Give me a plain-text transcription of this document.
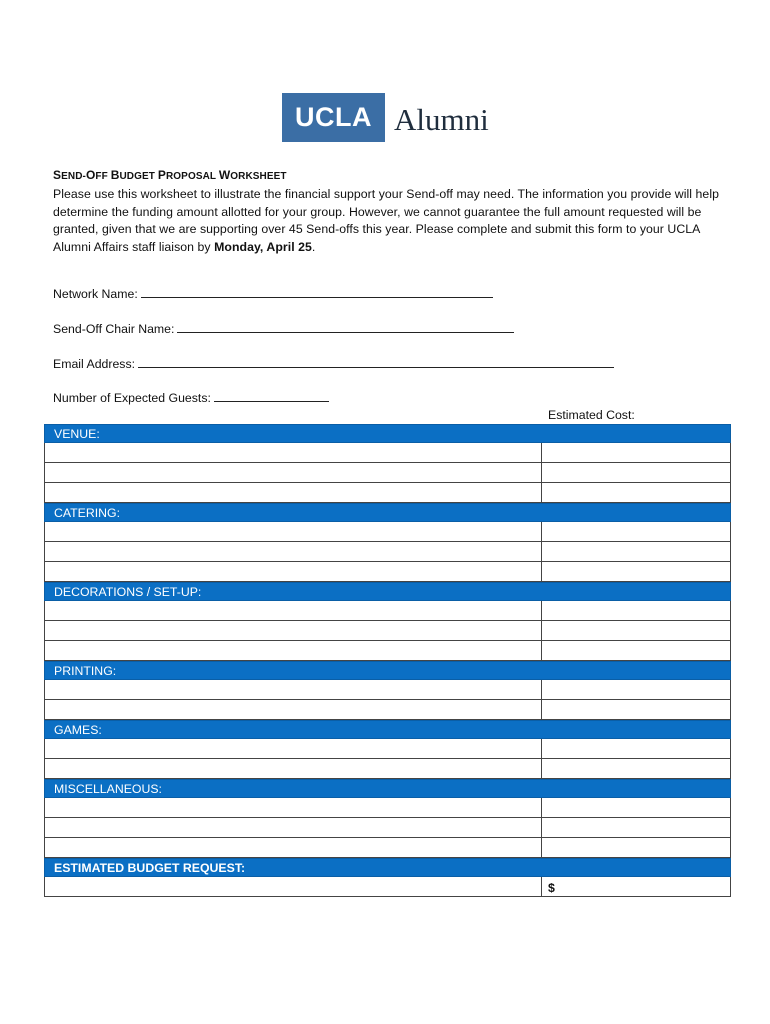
UCLA Alumni
SEND-OFF BUDGET PROPOSAL WORKSHEET
Please use this worksheet to illustrate the financial support your Send-off may need. The information you provide will help determine the funding amount allotted for your group. However, we cannot guarantee the full amount requested will be granted, given that we are supporting over 45 Send-offs this year. Please complete and submit this form to your UCLA Alumni Affairs staff liaison by Monday, April 25.
Network Name:
Send-Off Chair Name:
Email Address:
Number of Expected Guests:
Estimated Cost:
VENUE:
CATERING:
DECORATIONS / SET-UP:
PRINTING:
GAMES:
MISCELLANEOUS:
ESTIMATED BUDGET REQUEST:
$
